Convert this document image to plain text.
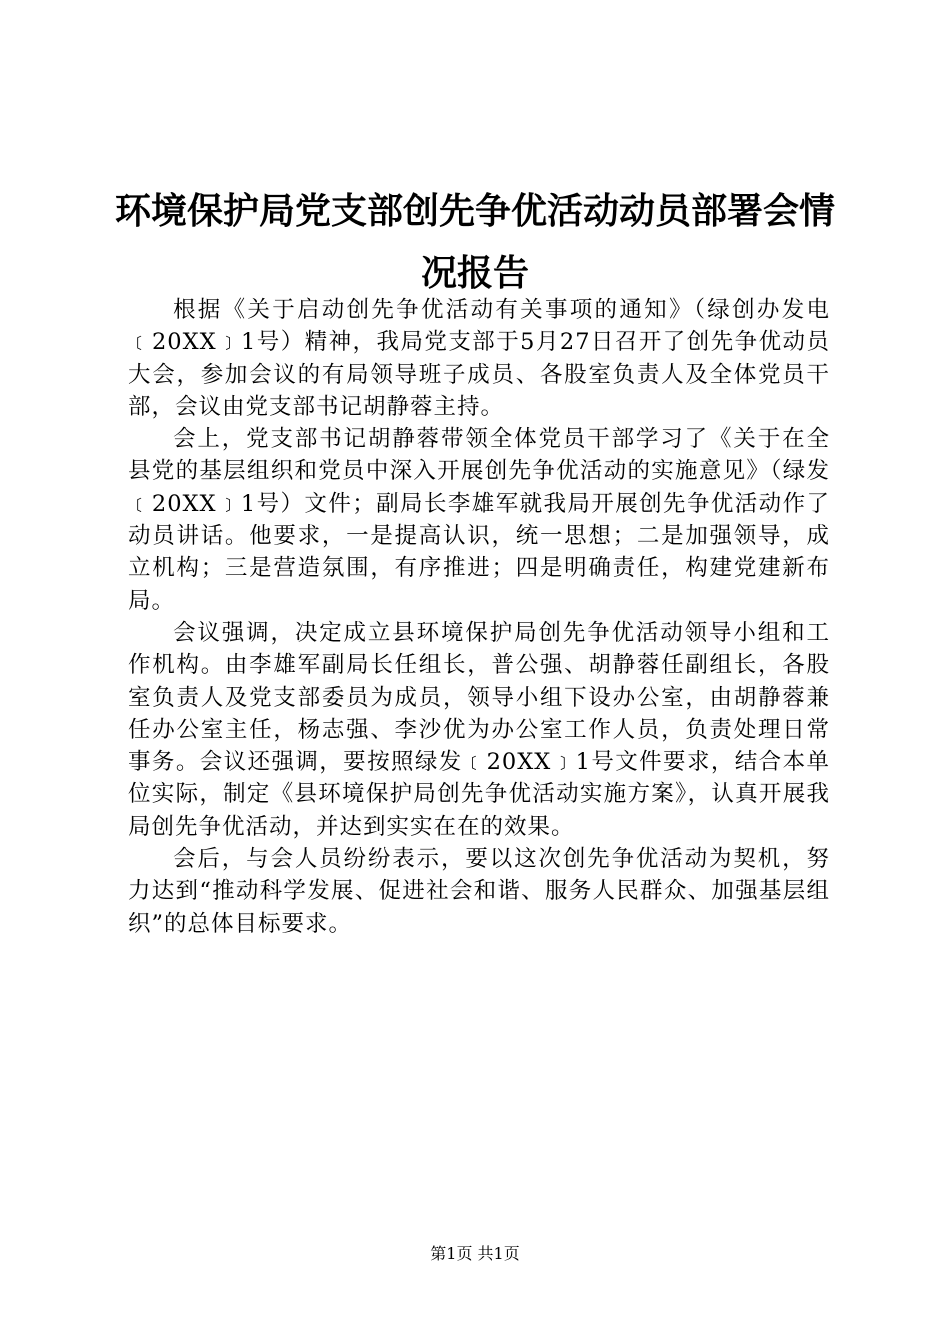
环境保护局党支部创先争优活动动员部署会情况报告

根据《关于启动创先争优活动有关事项的通知》（绿创办发电﹝20XX﹞1号）精神，我局党支部于5月27日召开了创先争优动员大会，参加会议的有局领导班子成员、各股室负责人及全体党员干部，会议由党支部书记胡静蓉主持。

会上，党支部书记胡静蓉带领全体党员干部学习了《关于在全县党的基层组织和党员中深入开展创先争优活动的实施意见》（绿发﹝20XX﹞1号）文件；副局长李雄军就我局开展创先争优活动作了动员讲话。他要求，一是提高认识，统一思想；二是加强领导，成立机构；三是营造氛围，有序推进；四是明确责任，构建党建新布局。

会议强调，决定成立县环境保护局创先争优活动领导小组和工作机构。由李雄军副局长任组长，普公强、胡静蓉任副组长，各股室负责人及党支部委员为成员，领导小组下设办公室，由胡静蓉兼任办公室主任，杨志强、李沙优为办公室工作人员，负责处理日常事务。会议还强调，要按照绿发﹝20XX﹞1号文件要求，结合本单位实际，制定《县环境保护局创先争优活动实施方案》，认真开展我局创先争优活动，并达到实实在在的效果。

会后，与会人员纷纷表示，要以这次创先争优活动为契机，努力达到“推动科学发展、促进社会和谐、服务人民群众、加强基层组织”的总体目标要求。

第1页 共1页
